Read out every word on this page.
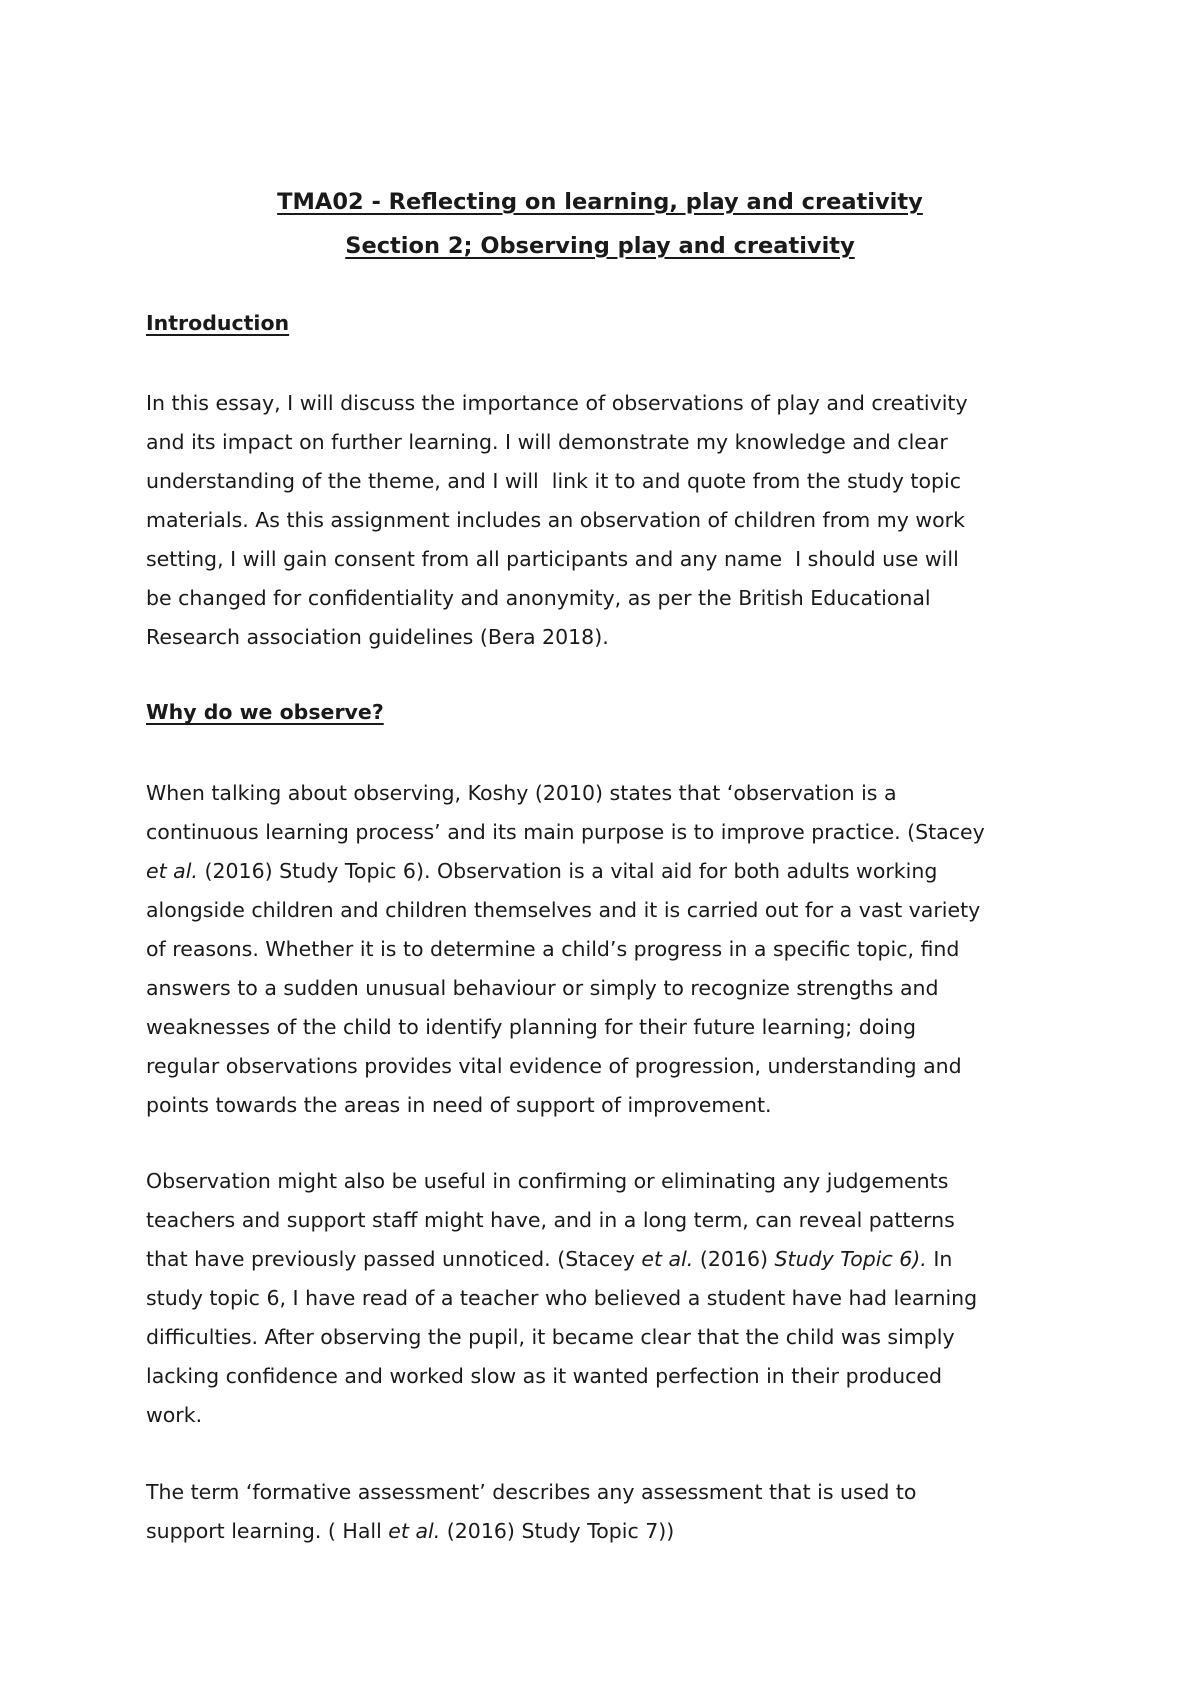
TMA02 - Reflecting on learning, play and creativity
Section 2; Observing play and creativity
Introduction

In this essay, I will discuss the importance of observations of play and creativity
and its impact on further learning. I will demonstrate my knowledge and clear
understanding of the theme, and I will  link it to and quote from the study topic
materials. As this assignment includes an observation of children from my work
setting, I will gain consent from all participants and any name  I should use will
be changed for confidentiality and anonymity, as per the British Educational
Research association guidelines (Bera 2018).

Why do we observe?

When talking about observing, Koshy (2010) states that ‘observation is a
continuous learning process’ and its main purpose is to improve practice. (Stacey
et al. (2016) Study Topic 6). Observation is a vital aid for both adults working
alongside children and children themselves and it is carried out for a vast variety
of reasons. Whether it is to determine a child’s progress in a specific topic, find
answers to a sudden unusual behaviour or simply to recognize strengths and
weaknesses of the child to identify planning for their future learning; doing
regular observations provides vital evidence of progression, understanding and
points towards the areas in need of support of improvement.

Observation might also be useful in confirming or eliminating any judgements
teachers and support staff might have, and in a long term, can reveal patterns
that have previously passed unnoticed. (Stacey et al. (2016) Study Topic 6). In
study topic 6, I have read of a teacher who believed a student have had learning
difficulties. After observing the pupil, it became clear that the child was simply
lacking confidence and worked slow as it wanted perfection in their produced
work.

The term ‘formative assessment’ describes any assessment that is used to
support learning. ( Hall et al. (2016) Study Topic 7))
